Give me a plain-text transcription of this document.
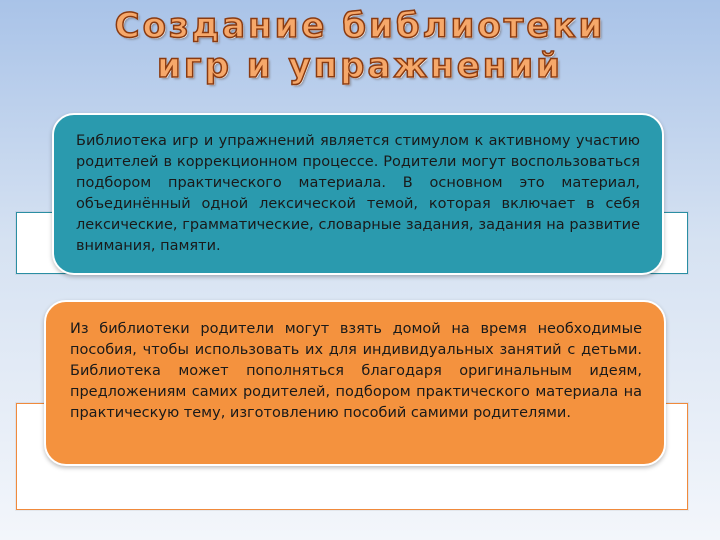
Создание библиотеки
игр и упражнений
Библиотека игр и упражнений является стимулом к активному участию родителей в коррекционном процессе. Родители могут воспользоваться подбором практического материала. В основном это материал, объединённый одной лексической темой, которая включает в себя лексические, грамматические, словарные задания, задания на развитие внимания, памяти.
Из библиотеки родители могут взять домой на время необходимые пособия, чтобы использовать их для индивидуальных занятий с детьми. Библиотека может пополняться благодаря оригинальным идеям, предложениям самих родителей, подбором практического материала на практическую тему, изготовлению пособий самими родителями.
